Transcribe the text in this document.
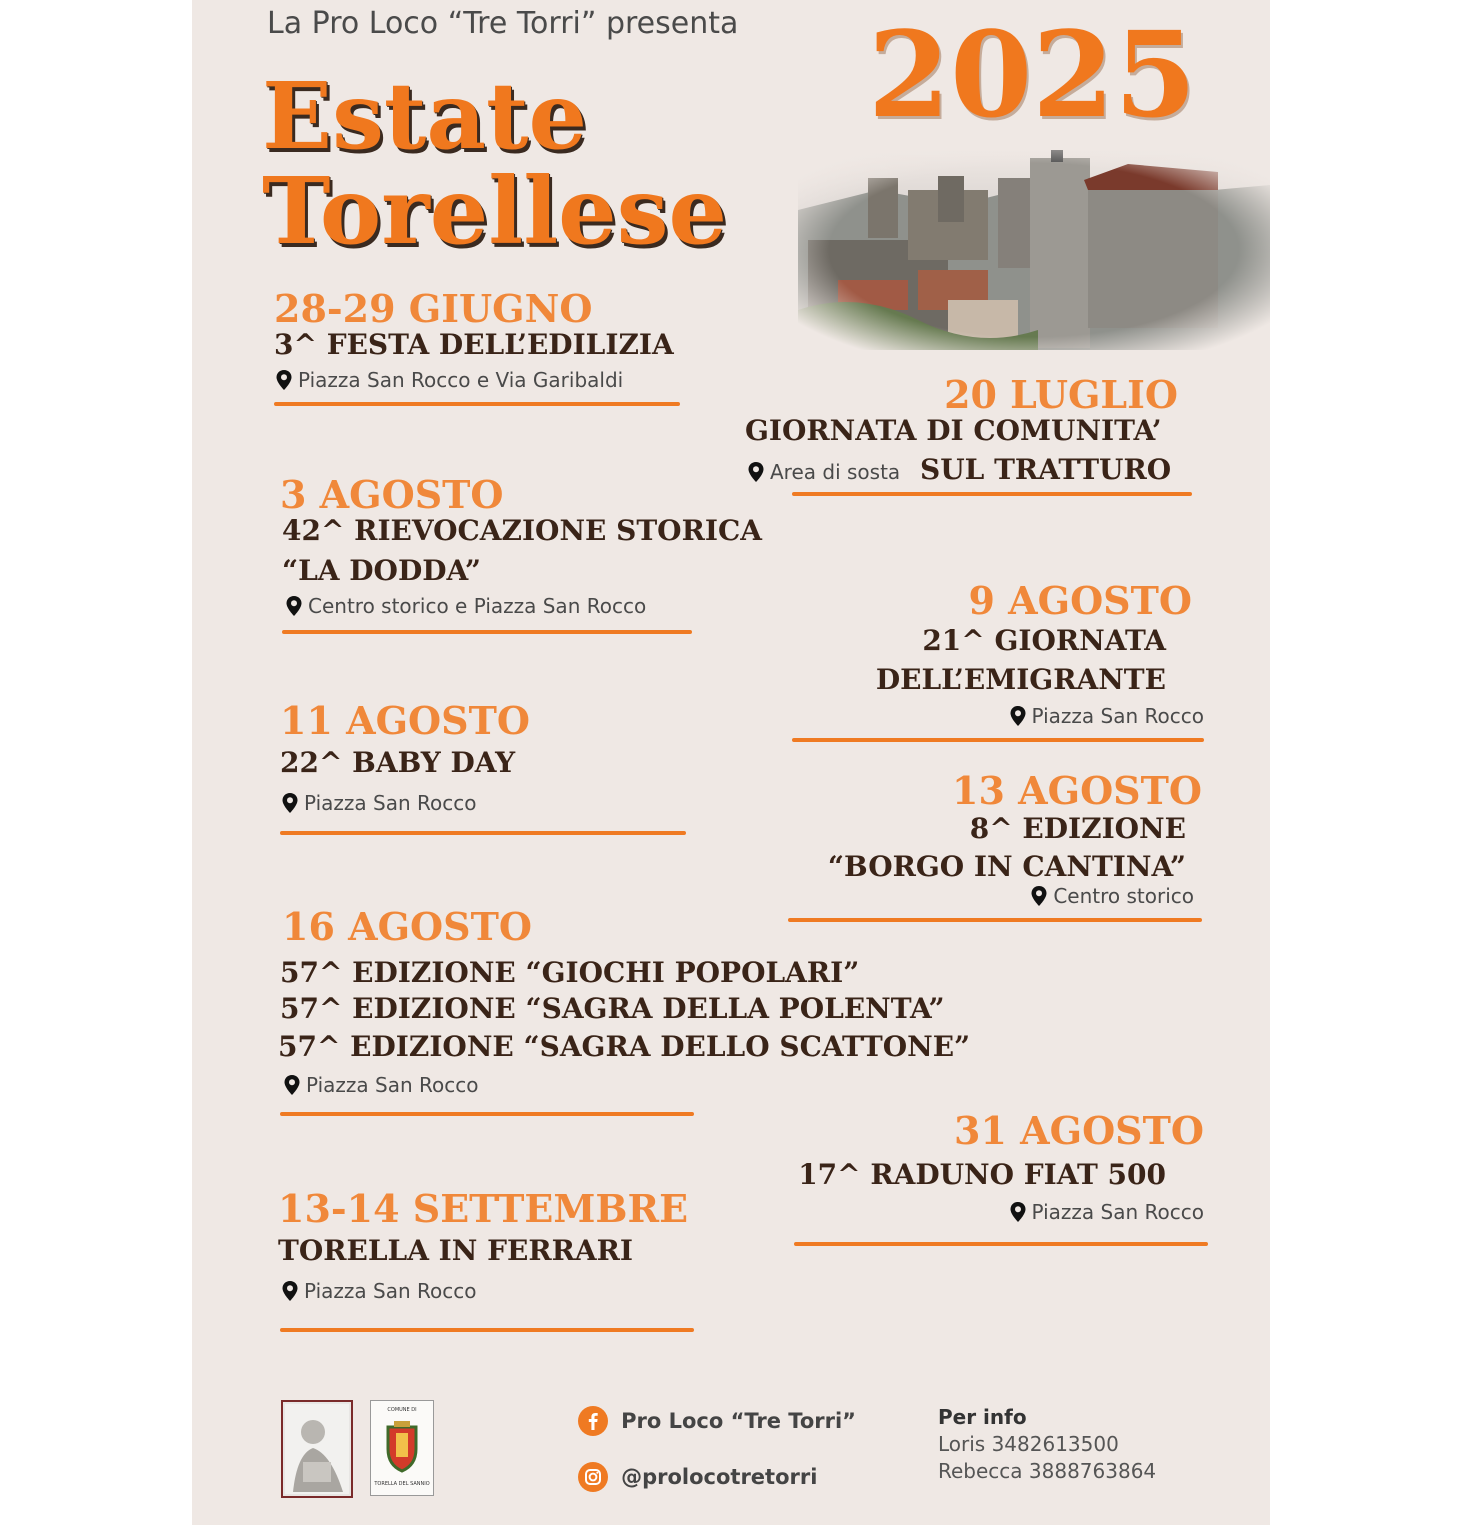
La Pro Loco “Tre Torri” presenta
Estate
Torellese
2025
28-29 GIUGNO
3^ FESTA DELL’EDILIZIA
Piazza San Rocco e Via Garibaldi	20 LUGLIO
GIORNATA DI COMUNITA’
Area di sosta SUL TRATTURO
3 AGOSTO
42^ RIEVOCAZIONE STORICA
“LA DODDA”
Centro storico e Piazza San Rocco	9 AGOSTO
21^ GIORNATA
DELL’EMIGRANTE
Piazza San Rocco
11 AGOSTO
22^ BABY DAY
Piazza San Rocco	13 AGOSTO
8^ EDIZIONE
“BORGO IN CANTINA”
Centro storico
16 AGOSTO
57^ EDIZIONE “GIOCHI POPOLARI”
57^ EDIZIONE “SAGRA DELLA POLENTA”
57^ EDIZIONE “SAGRA DELLO SCATTONE”
Piazza San Rocco
31 AGOSTO
17^ RADUNO FIAT 500
Piazza San Rocco
13-14 SETTEMBRE
TORELLA IN FERRARI
Piazza San Rocco
COMUNE DI
TORELLA DEL SANNIO
Pro Loco “Tre Torri”
@prolocotretorri
Per info
Loris 3482613500
Rebecca 3888763864
